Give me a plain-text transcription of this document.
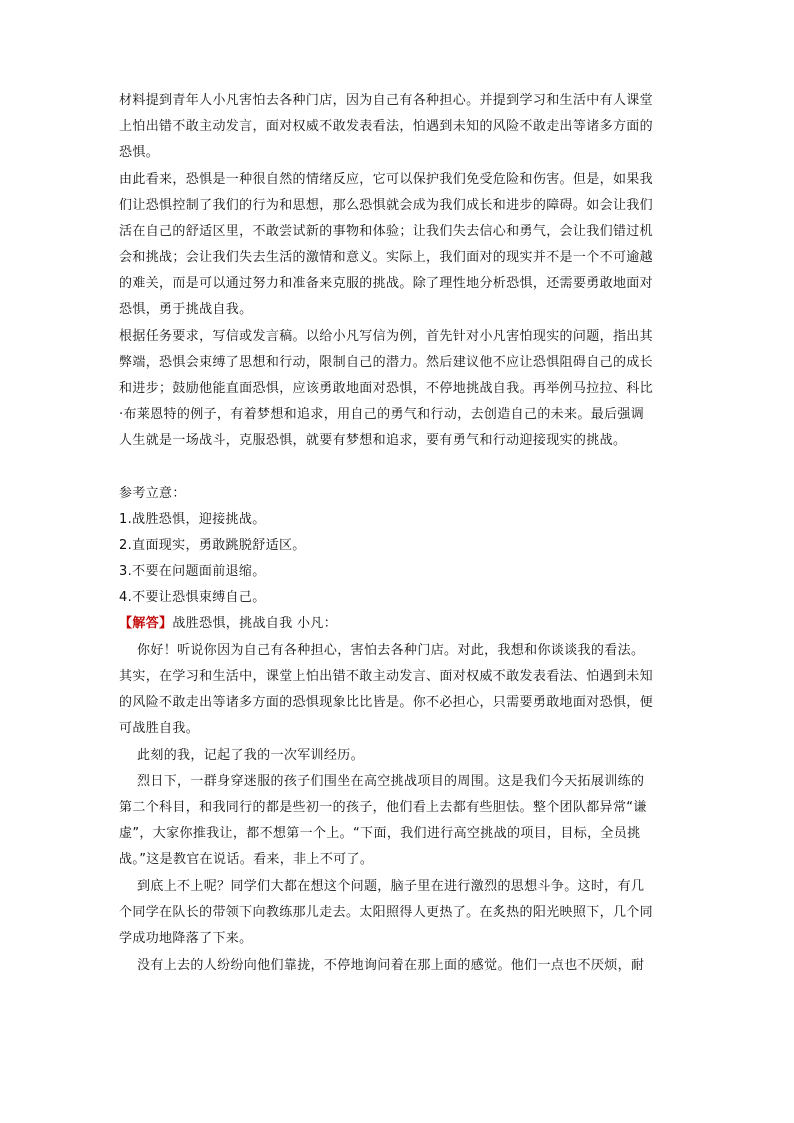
材料提到青年人小凡害怕去各种门店，因为自己有各种担心。并提到学习和生活中有人课堂
上怕出错不敢主动发言，面对权威不敢发表看法，怕遇到未知的风险不敢走出等诸多方面的
恐惧。
由此看来，恐惧是一种很自然的情绪反应，它可以保护我们免受危险和伤害。但是，如果我
们让恐惧控制了我们的行为和思想，那么恐惧就会成为我们成长和进步的障碍。如会让我们
活在自己的舒适区里，不敢尝试新的事物和体验；让我们失去信心和勇气，会让我们错过机
会和挑战；会让我们失去生活的激情和意义。实际上，我们面对的现实并不是一个不可逾越
的难关，而是可以通过努力和准备来克服的挑战。除了理性地分析恐惧，还需要勇敢地面对
恐惧，勇于挑战自我。
根据任务要求，写信或发言稿。以给小凡写信为例，首先针对小凡害怕现实的问题，指出其
弊端，恐惧会束缚了思想和行动，限制自己的潜力。然后建议他不应让恐惧阻碍自己的成长
和进步；鼓励他能直面恐惧，应该勇敢地面对恐惧，不停地挑战自我。再举例马拉拉、科比
·布莱恩特的例子，有着梦想和追求，用自己的勇气和行动，去创造自己的未来。最后强调
人生就是一场战斗，克服恐惧，就要有梦想和追求，要有勇气和行动迎接现实的挑战。
参考立意：
1.战胜恐惧，迎接挑战。
2.直面现实，勇敢跳脱舒适区。
3.不要在问题面前退缩。
4.不要让恐惧束缚自己。
【解答】战胜恐惧，挑战自我 小凡：
你好！听说你因为自己有各种担心，害怕去各种门店。对此，我想和你谈谈我的看法。
其实，在学习和生活中，课堂上怕出错不敢主动发言、面对权威不敢发表看法、怕遇到未知
的风险不敢走出等诸多方面的恐惧现象比比皆是。你不必担心，只需要勇敢地面对恐惧，便
可战胜自我。
此刻的我，记起了我的一次军训经历。
烈日下，一群身穿迷服的孩子们围坐在高空挑战项目的周围。这是我们今天拓展训练的
第二个科目，和我同行的都是些初一的孩子，他们看上去都有些胆怯。整个团队都异常“谦
虚”，大家你推我让，都不想第一个上。“下面，我们进行高空挑战的项目，目标，全员挑
战。”这是教官在说话。看来，非上不可了。
到底上不上呢？同学们大都在想这个问题，脑子里在进行激烈的思想斗争。这时，有几
个同学在队长的带领下向教练那儿走去。太阳照得人更热了。在炙热的阳光映照下，几个同
学成功地降落了下来。
没有上去的人纷纷向他们靠拢，不停地询问着在那上面的感觉。他们一点也不厌烦，耐
